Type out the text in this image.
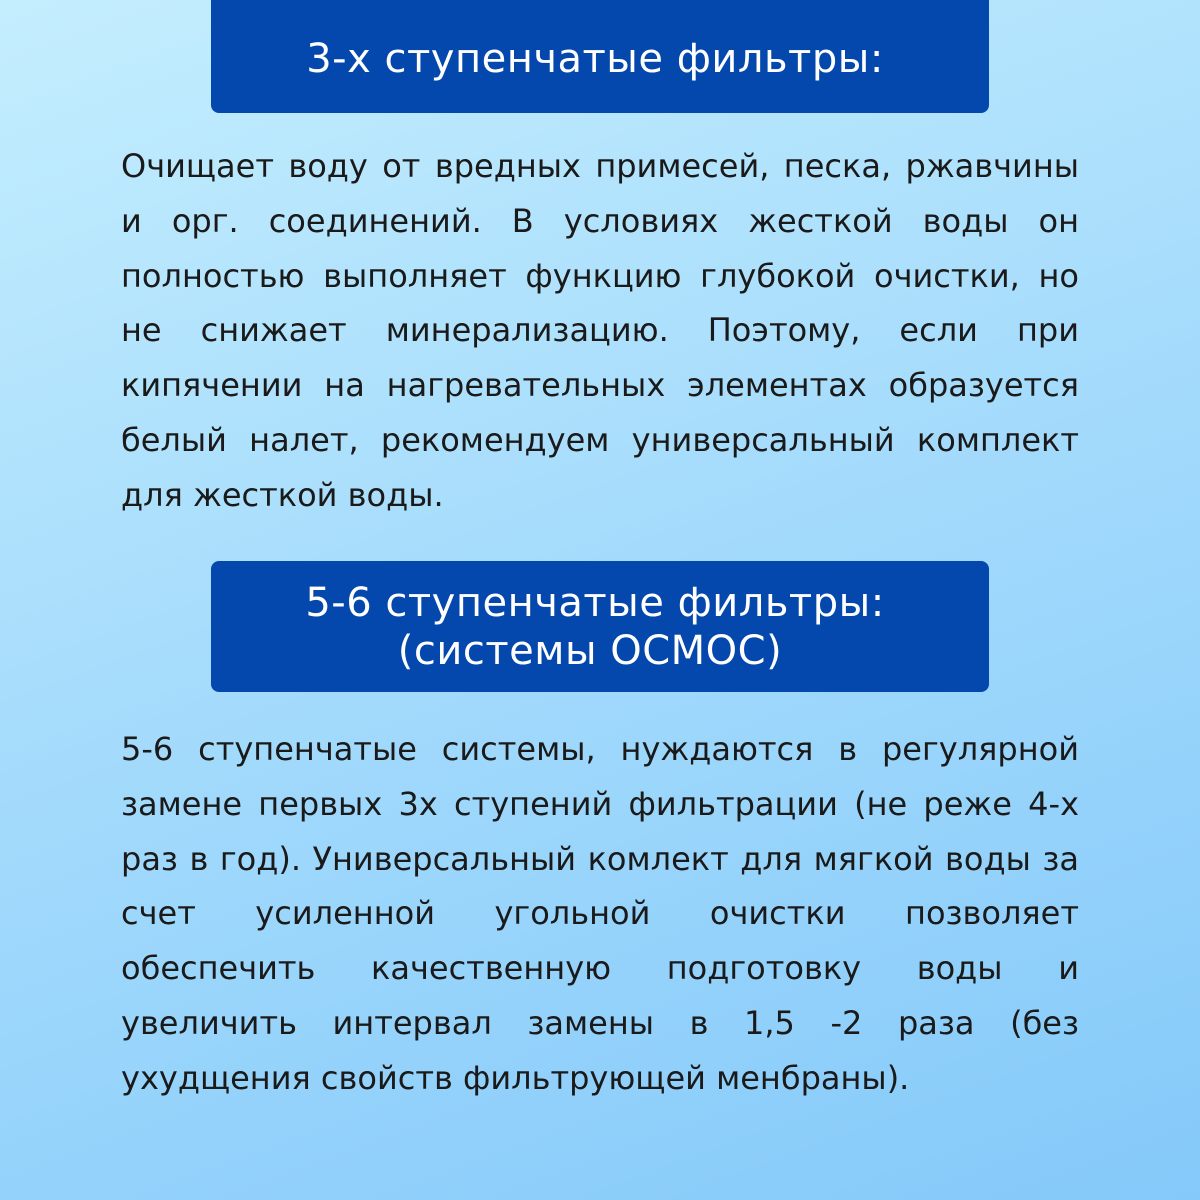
3-х ступенчатые фильтры:

Очищает воду от вредных примесей, песка, ржавчины и орг. соединений. В условиях жесткой воды он полностью выполняет функцию глубокой очистки, но не снижает минерализацию. Поэтому, если при кипячении на нагревательных элементах образуется белый налет, рекомендуем универсальный комплект для жесткой воды.

5-6 ступенчатые фильтры:
(системы ОСМОС)

5-6 ступенчатые системы, нуждаются в регулярной замене первых 3х ступений фильтрации (не реже 4-х раз в год). Универсальный комлект для мягкой воды за счет усиленной угольной очистки позволяет обеспечить качественную подготовку воды и увеличить интервал замены в 1,5 -2 раза (без ухудщения свойств фильтрующей менбраны).
